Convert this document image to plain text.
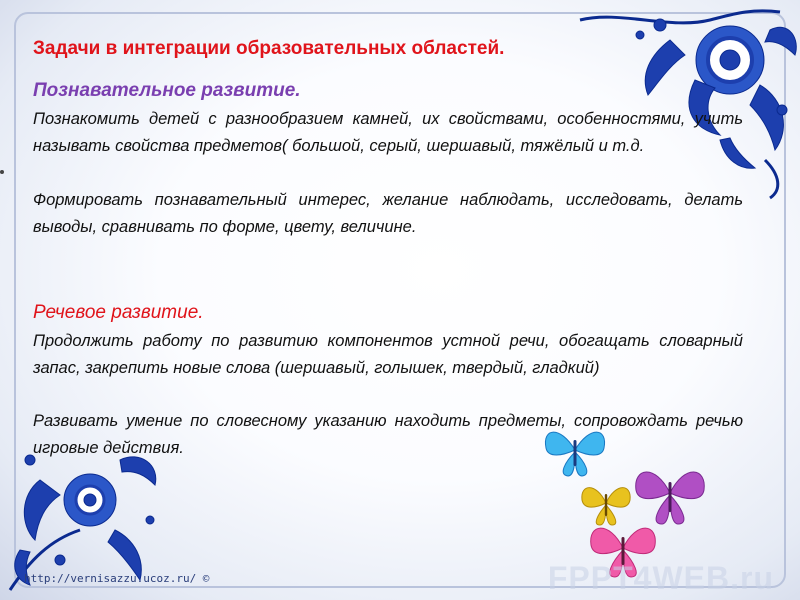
Задачи в интеграции образовательных областей.
Познавательное развитие.

Познакомить детей с разнообразием камней, их свойствами, особенностями, учить называть свойства предметов( большой, серый, шершавый, тяжёлый и т.д.

Формировать познавательный интерес, желание наблюдать, исследовать, делать выводы, сравнивать по форме, цвету, величине.

Речевое развитие.

Продолжить работу по развитию компонентов устной речи, обогащать словарный запас, закрепить новые слова (шершавый, голышек, твердый, гладкий)

Развивать умение по словесному указанию находить предметы, сопровождать речью игровые действия.

http://vernisazzu.ucoz.ru/ ©	FPPT4WEB.ru
